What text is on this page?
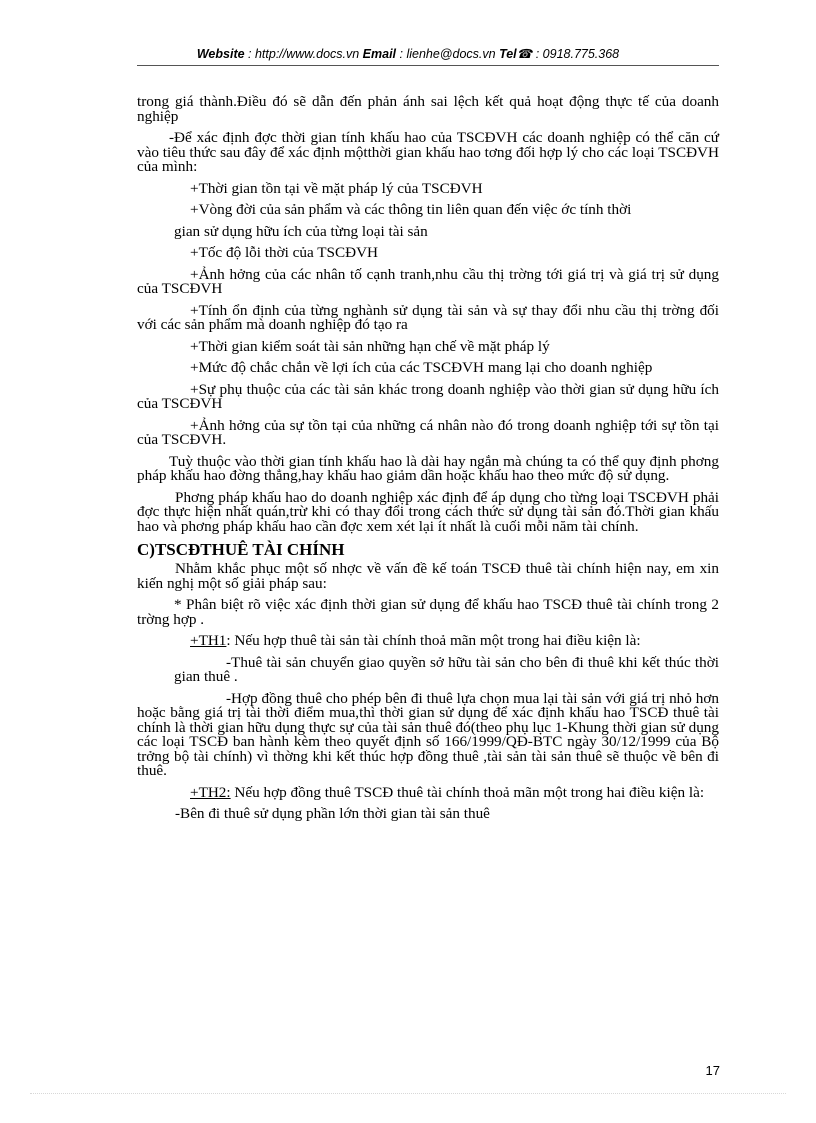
Website : http://www.docs.vn Email : lienhe@docs.vn Tel☎ : 0918.775.368

trong giá thành.Điều đó sẽ dẫn đến phản ánh sai lệch kết quả hoạt động thực tế của doanh nghiệp

-Để xác định đợc thời gian tính khấu hao của TSCĐVH các doanh nghiệp có thể căn cứ vào tiêu thức sau đây để xác định mộtthời gian khấu hao tơng đối hợp lý cho các loại TSCĐVH của mình:

+Thời gian tồn tại về mặt pháp lý của TSCĐVH

+Vòng đời của sản phẩm và các thông tin liên quan đến việc ớc tính thời

gian sử dụng hữu ích của từng loại tài sản

+Tốc độ lỗi thời của TSCĐVH

+Ảnh hởng của các nhân tố cạnh tranh,nhu cầu thị trờng tới giá trị và giá trị sử dụng của TSCĐVH

+Tính ổn định của từng nghành sử dụng tài sản và sự thay đổi nhu cầu thị trờng đối với các sản phẩm mà doanh nghiệp đó tạo ra

+Thời gian kiểm soát tài sản những hạn chế về mặt pháp lý

+Mức độ chắc chắn về lợi ích của các TSCĐVH mang lại cho doanh nghiệp

+Sự phụ thuộc của các tài sản khác trong doanh nghiệp vào thời gian sử dụng hữu ích của TSCĐVH

+Ảnh hởng của sự tồn tại của những cá nhân nào đó trong doanh nghiệp tới sự tồn tại của TSCĐVH.

Tuỳ thuộc vào thời gian tính khấu hao là dài hay ngắn mà chúng ta có thể quy định phơng pháp khấu hao đờng thẳng,hay khấu hao giảm dần hoặc khấu hao theo mức độ sử dụng.

Phơng pháp khấu hao do doanh nghiệp xác định để áp dụng cho từng loại TSCĐVH phải đợc thực hiện nhất quán,trừ khi có thay đổi trong cách thức sử dụng tài sản đó.Thời gian khấu hao và phơng pháp khấu hao cần đợc xem xét lại ít nhất là cuối mỗi năm tài chính.

C)TSCĐTHUÊ TÀI CHÍNH

Nhằm khắc phục một số nhợc về vấn đề kế toán TSCĐ thuê tài chính hiện nay, em xin kiến nghị một số giải pháp sau:

* Phân biệt rõ việc xác định thời gian sử dụng để khấu hao TSCĐ thuê tài chính trong 2 trờng hợp .

+TH1: Nếu hợp thuê tài sản tài chính thoả mãn một trong hai điều kiện là:

-Thuê tài sản chuyển giao quyền sở hữu tài sản cho bên đi thuê khi kết thúc thời gian thuê .

-Hợp đồng thuê cho phép bên đi thuê lựa chọn mua lại tài sản với giá trị nhỏ hơn hoặc bằng giá trị tài thời điểm mua,thì thời gian sử dụng để xác định khấu hao TSCĐ thuê tài chính là thời gian hữu dụng thực sự của tài sản thuê đó(theo phụ lục 1-Khung thời gian sử dụng các loại TSCĐ ban hành kèm theo quyết định số 166/1999/QĐ-BTC ngày 30/12/1999 của Bộ trởng bộ tài chính) vì thờng khi kết thúc hợp đồng thuê ,tài sản tài sản thuê sẽ thuộc về bên đi thuê.

+TH2: Nếu hợp đồng thuê TSCĐ thuê tài chính thoả mãn một trong hai điều kiện là:

-Bên đi thuê sử dụng phần lớn thời gian tài sản thuê

17
